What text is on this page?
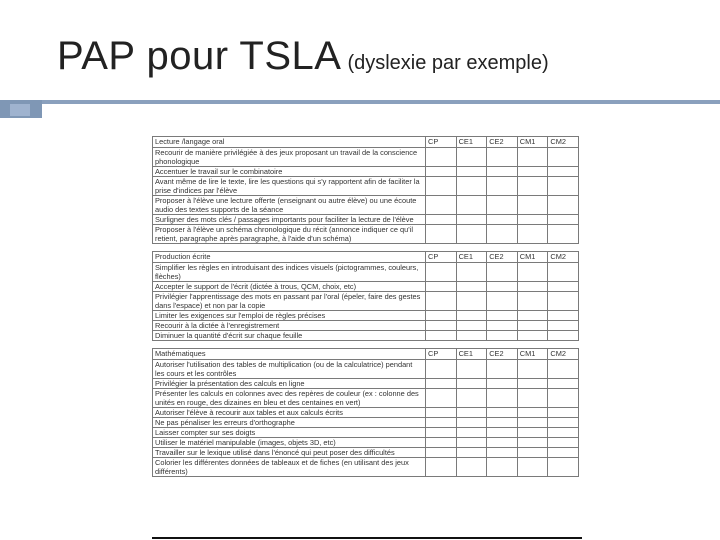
PAP pour TSLA (dyslexie par exemple)
Lecture /langage oral	CP	CE1	CE2	CM1	CM2
Recourir de manière privilégiée à des jeux proposant un travail de la conscience phonologique					
Accentuer le travail sur le combinatoire					
Avant même de lire le texte, lire les questions qui s'y rapportent afin de faciliter la prise d'indices par l'élève					
Proposer à l'élève une lecture offerte (enseignant ou autre élève) ou une écoute audio des textes supports de la séance					
Surligner des mots clés / passages importants pour faciliter la lecture de l'élève					
Proposer à l'élève un schéma chronologique du récit (annonce indiquer ce qu'il retient, paragraphe après paragraphe, à l'aide d'un schéma)					
Production écrite	CP	CE1	CE2	CM1	CM2
Simplifier les règles en introduisant des indices visuels (pictogrammes, couleurs, flèches)					
Accepter le support de l'écrit (dictée à trous, QCM, choix, etc)					
Privilégier l'apprentissage des mots en passant par l'oral (épeler, faire des gestes dans l'espace) et non par la copie					
Limiter les exigences sur l'emploi de règles précises					
Recourir à la dictée à l'enregistrement					
Diminuer la quantité d'écrit sur chaque feuille					
Mathématiques	CP	CE1	CE2	CM1	CM2
Autoriser l'utilisation des tables de multiplication (ou de la calculatrice) pendant les cours et les contrôles					
Privilégier la présentation des calculs en ligne					
Présenter les calculs en colonnes avec des repères de couleur (ex : colonne des unités en rouge, des dizaines en bleu et des centaines en vert)					
Autoriser l'élève à recourir aux tables et aux calculs écrits					
Ne pas pénaliser les erreurs d'orthographe					
Laisser compter sur ses doigts					
Utiliser le matériel manipulable (images, objets 3D, etc)					
Travailler sur le lexique utilisé dans l'énoncé qui peut poser des difficultés					
Colorier les différentes données de tableaux et de fiches (en utilisant des jeux différents)					
